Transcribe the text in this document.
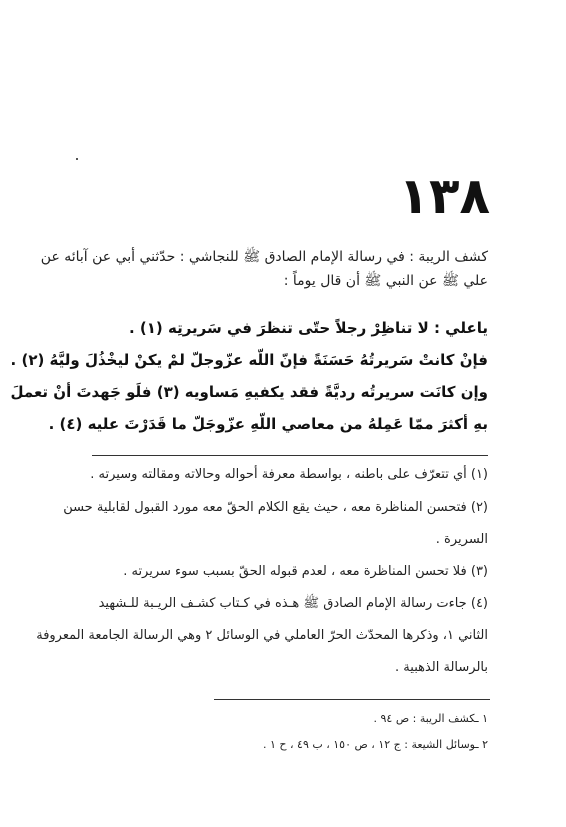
١٣٨
كشف الريبة : في رسالة الإمام الصادق ﷺ للنجاشي : حدّثني أبي عن آبائه عن
علي ﷺ عن النبي ﷺ أن قال يوماً :
ياعلي : لا تناظِرْ رجلاً حتّى تنظرَ في سَريرتِه (١) .
فإنْ كانتْ سَريرتُهُ حَسَنَةً فإنّ اللّه عزّوجلّ لمْ يكنْ ليخْذُلَ وليَّهُ (٢) .
وإن كانَت سريرتُه رديَّةً فقد يكفيهِ مَساويه (٣) فلَو جَهدتَ أنْ تعملَ
بهِ أكثرَ ممّا عَمِلهُ من معاصي اللّهِ عزّوجَلّ ما قَدَرْتَ عليه (٤) .
(١) أي تتعرّف على باطنه ، بواسطة معرفة أحواله وحالاته ومقالته وسيرته .
(٢) فتحسن المناظرة معه ، حيث يقع الكلام الحقّ معه مورد القبول لقابلية حسن
السريرة .
(٣) فلا تحسن المناظرة معه ، لعدم قبوله الحقّ بسبب سوء سريرته .
(٤) جاءت رسالة الإمام الصادق ﷺ هـذه في كـتاب كشـف الريـبة للـشهيد
الثاني ١، وذكرها المحدّث الحرّ العاملي في الوسائل ٢ وهي الرسالة الجامعة المعروفة
بالرسالة الذهبية .
١ ـكشف الريبة : ص ٩٤ .
٢ ـوسائل الشيعة : ج ١٢ ، ص ١٥٠ ، ب ٤٩ ، ح ١ .
